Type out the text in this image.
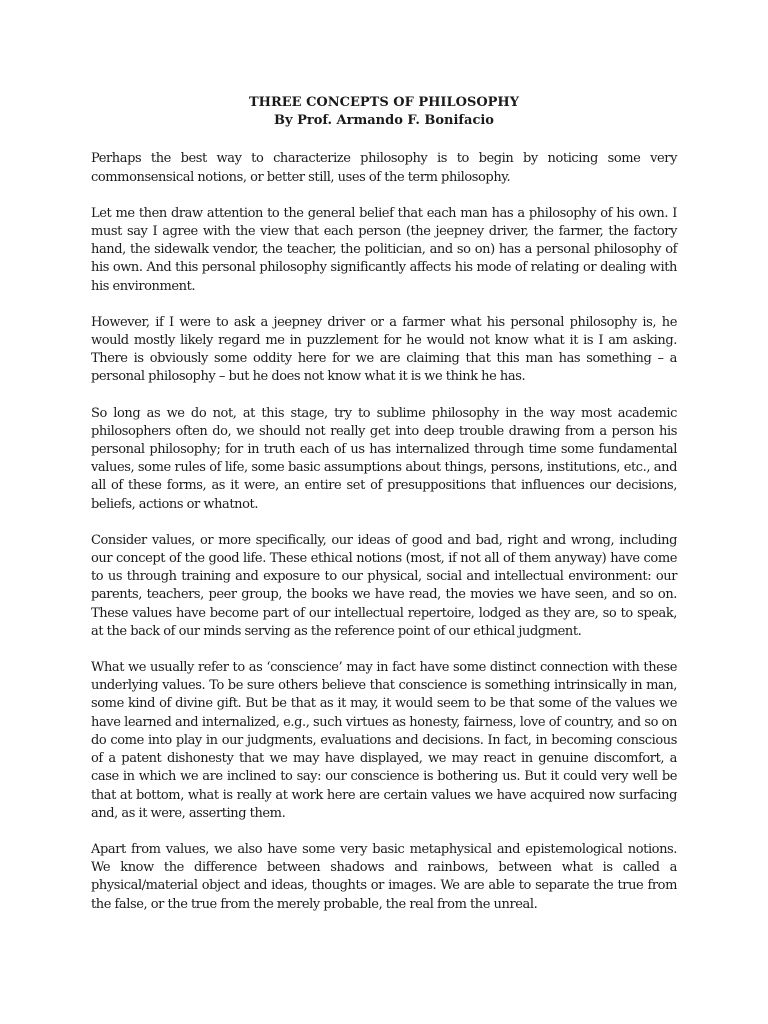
THREE CONCEPTS OF PHILOSOPHY

By Prof. Armando F. Bonifacio

Perhaps the best way to characterize philosophy is to begin by noticing some very commonsensical notions, or better still, uses of the term philosophy.

Let me then draw attention to the general belief that each man has a philosophy of his own. I must say I agree with the view that each person (the jeepney driver, the farmer, the factory hand, the sidewalk vendor, the teacher, the politician, and so on) has a personal philosophy of his own. And this personal philosophy significantly affects his mode of relating or dealing with his environment.

However, if I were to ask a jeepney driver or a farmer what his personal philosophy is, he would mostly likely regard me in puzzlement for he would not know what it is I am asking. There is obviously some oddity here for we are claiming that this man has something – a personal philosophy – but he does not know what it is we think he has.

So long as we do not, at this stage, try to sublime philosophy in the way most academic philosophers often do, we should not really get into deep trouble drawing from a person his personal philosophy; for in truth each of us has internalized through time some fundamental values, some rules of life, some basic assumptions about things, persons, institutions, etc., and all of these forms, as it were, an entire set of presuppositions that influences our decisions, beliefs, actions or whatnot.

Consider values, or more specifically, our ideas of good and bad, right and wrong, including our concept of the good life. These ethical notions (most, if not all of them anyway) have come to us through training and exposure to our physical, social and intellectual environment: our parents, teachers, peer group, the books we have read, the movies we have seen, and so on. These values have become part of our intellectual repertoire, lodged as they are, so to speak, at the back of our minds serving as the reference point of our ethical judgment.

What we usually refer to as ‘conscience’ may in fact have some distinct connection with these underlying values. To be sure others believe that conscience is something intrinsically in man, some kind of divine gift. But be that as it may, it would seem to be that some of the values we have learned and internalized, e.g., such virtues as honesty, fairness, love of country, and so on do come into play in our judgments, evaluations and decisions. In fact, in becoming conscious of a patent dishonesty that we may have displayed, we may react in genuine discomfort, a case in which we are inclined to say: our conscience is bothering us. But it could very well be that at bottom, what is really at work here are certain values we have acquired now surfacing and, as it were, asserting them.

Apart from values, we also have some very basic metaphysical and epistemological notions. We know the difference between shadows and rainbows, between what is called a physical/material object and ideas, thoughts or images. We are able to separate the true from the false, or the true from the merely probable, the real from the unreal.
